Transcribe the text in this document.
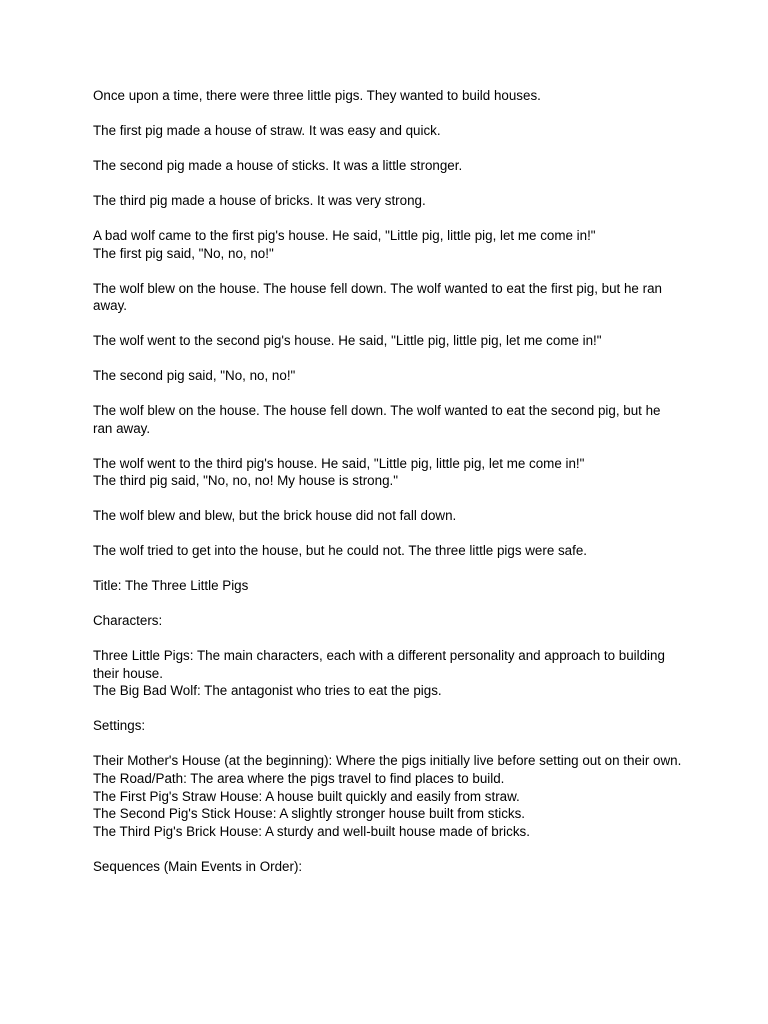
Once upon a time, there were three little pigs. They wanted to build houses.

The first pig made a house of straw. It was easy and quick.

The second pig made a house of sticks. It was a little stronger.

The third pig made a house of bricks. It was very strong.

A bad wolf came to the first pig's house. He said, "Little pig, little pig, let me come in!"
The first pig said, "No, no, no!"

The wolf blew on the house. The house fell down. The wolf wanted to eat the first pig, but he ran away.

The wolf went to the second pig's house. He said, "Little pig, little pig, let me come in!"

The second pig said, "No, no, no!"

The wolf blew on the house. The house fell down. The wolf wanted to eat the second pig, but he ran away.

The wolf went to the third pig's house. He said, "Little pig, little pig, let me come in!"
The third pig said, "No, no, no! My house is strong."

The wolf blew and blew, but the brick house did not fall down.

The wolf tried to get into the house, but he could not. The three little pigs were safe.

Title: The Three Little Pigs

Characters:

Three Little Pigs: The main characters, each with a different personality and approach to building their house.
The Big Bad Wolf: The antagonist who tries to eat the pigs.

Settings:

Their Mother's House (at the beginning): Where the pigs initially live before setting out on their own.
The Road/Path: The area where the pigs travel to find places to build.
The First Pig's Straw House: A house built quickly and easily from straw.
The Second Pig's Stick House: A slightly stronger house built from sticks.
The Third Pig's Brick House: A sturdy and well-built house made of bricks.

Sequences (Main Events in Order):
